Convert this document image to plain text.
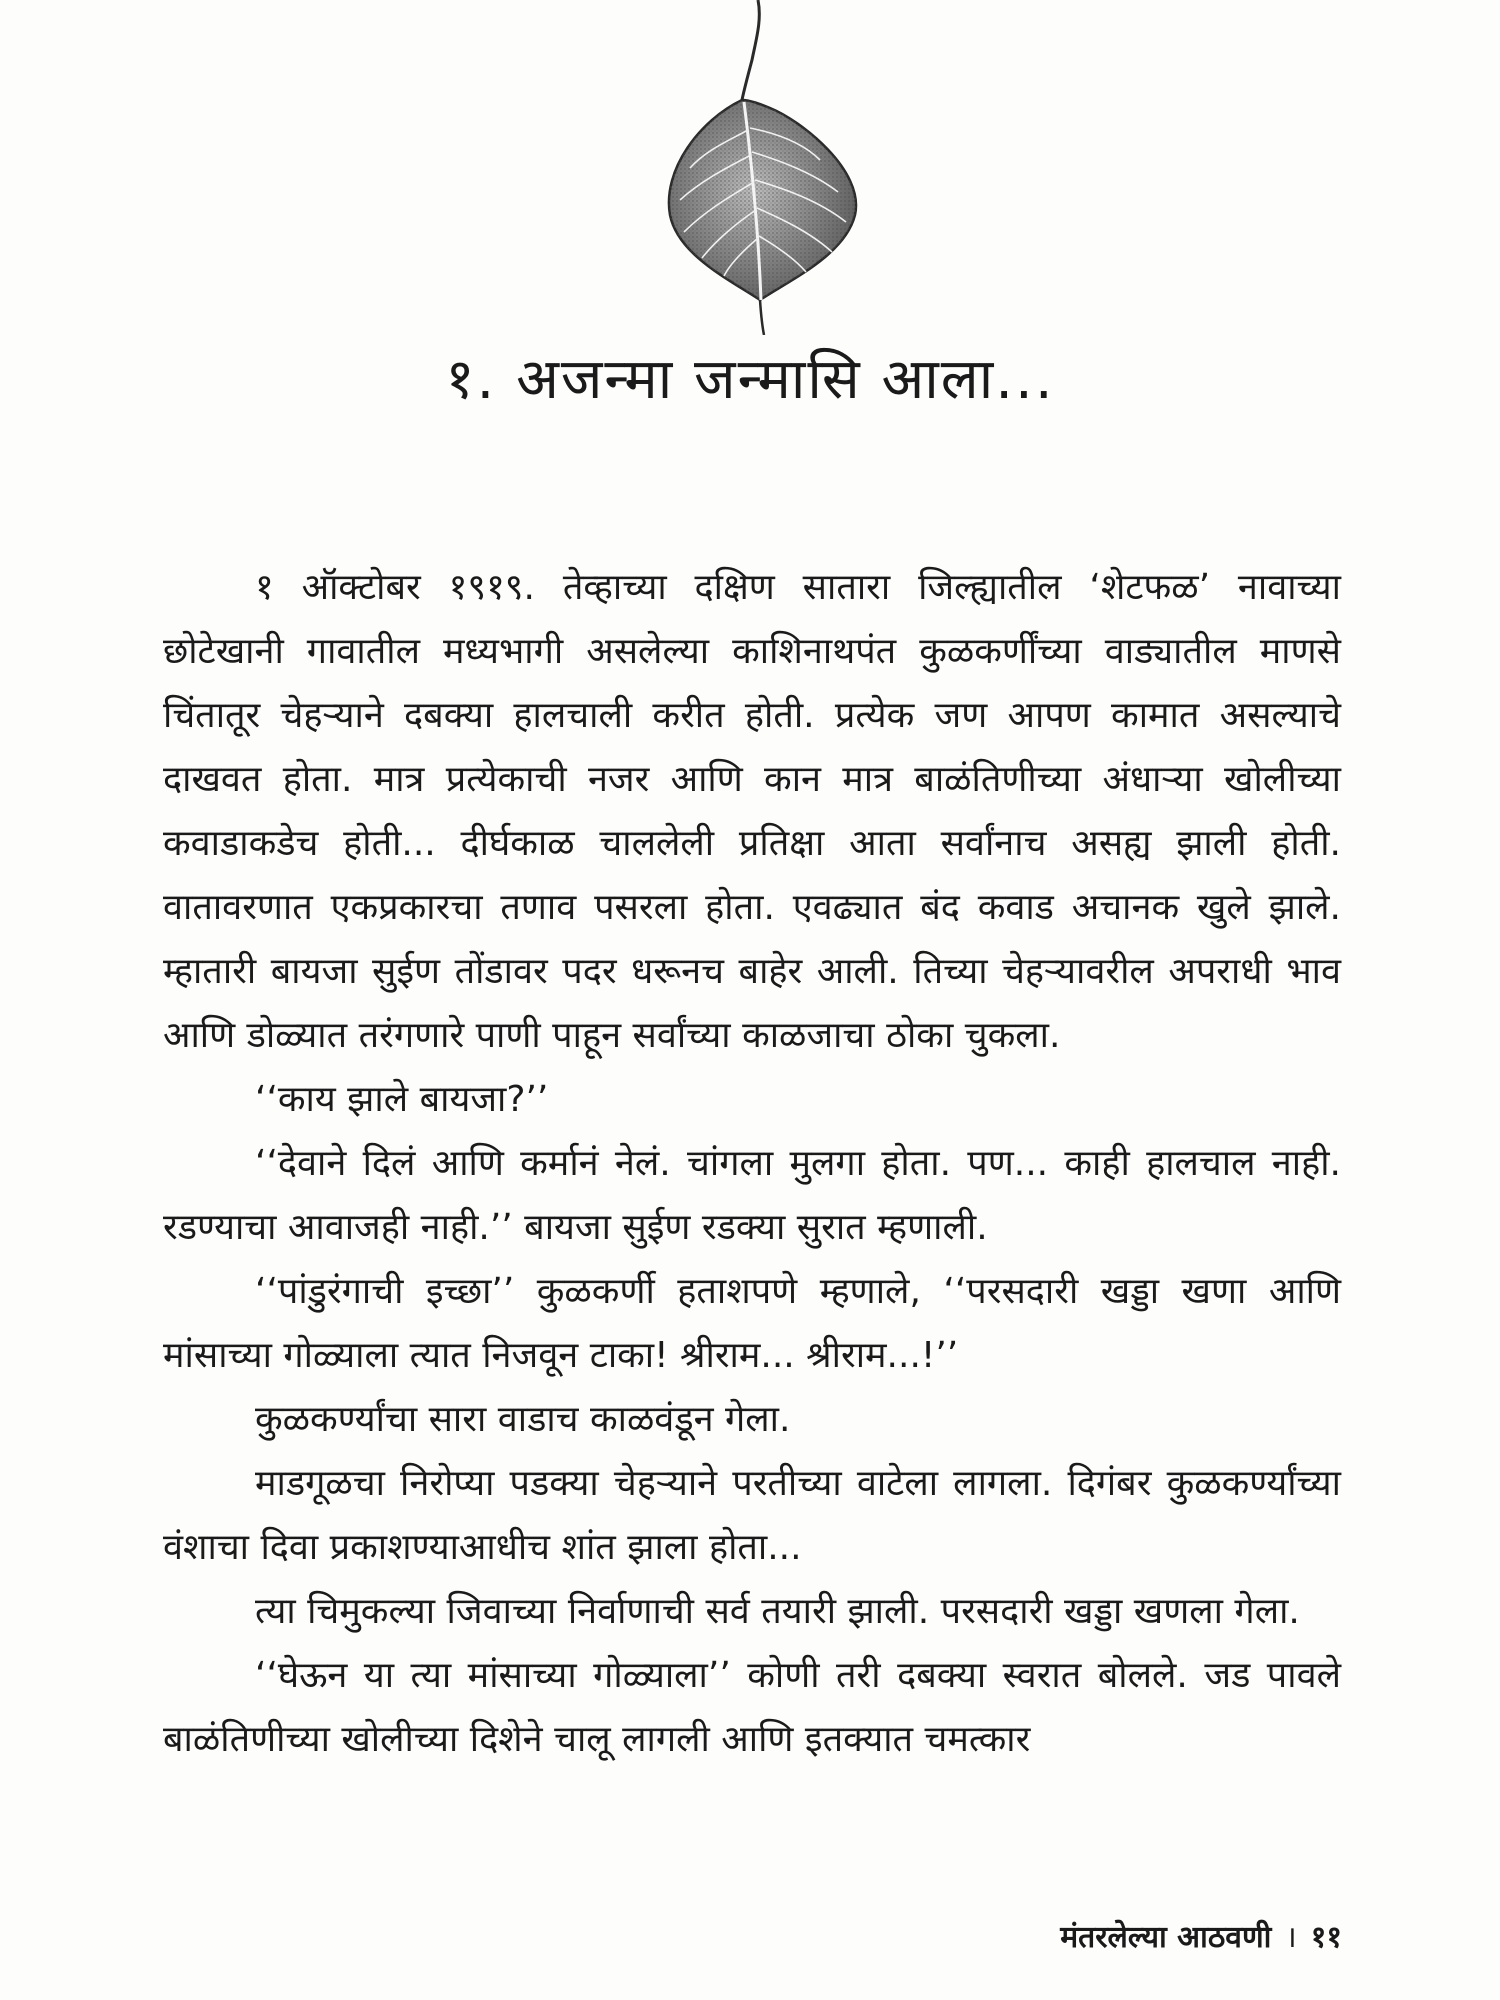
१. अजन्मा जन्मासि आला...

१ ऑक्टोबर १९१९. तेव्हाच्या दक्षिण सातारा जिल्ह्यातील ‘शेटफळ’ नावाच्या छोटेखानी गावातील मध्यभागी असलेल्या काशिनाथपंत कुळकर्णींच्या वाड्यातील माणसे चिंतातूर चेहऱ्याने दबक्या हालचाली करीत होती. प्रत्येक जण आपण कामात असल्याचे दाखवत होता. मात्र प्रत्येकाची नजर आणि कान मात्र बाळंतिणीच्या अंधाऱ्या खोलीच्या कवाडाकडेच होती... दीर्घकाळ चाललेली प्रतिक्षा आता सर्वांनाच असह्य झाली होती. वातावरणात एकप्रकारचा तणाव पसरला होता. एवढ्यात बंद कवाड अचानक खुले झाले. म्हातारी बायजा सुईण तोंडावर पदर धरूनच बाहेर आली. तिच्या चेहऱ्यावरील अपराधी भाव आणि डोळ्यात तरंगणारे पाणी पाहून सर्वांच्या काळजाचा ठोका चुकला.

‘‘काय झाले बायजा?’’

‘‘देवाने दिलं आणि कर्मानं नेलं. चांगला मुलगा होता. पण... काही हालचाल नाही. रडण्याचा आवाजही नाही.’’ बायजा सुईण रडक्या सुरात म्हणाली.

‘‘पांडुरंगाची इच्छा’’ कुळकर्णी हताशपणे म्हणाले, ‘‘परसदारी खड्डा खणा आणि मांसाच्या गोळ्याला त्यात निजवून टाका! श्रीराम... श्रीराम...!’’

कुळकर्ण्यांचा सारा वाडाच काळवंडून गेला.

माडगूळचा निरोप्या पडक्या चेहऱ्याने परतीच्या वाटेला लागला. दिगंबर कुळकर्ण्यांच्या वंशाचा दिवा प्रकाशण्याआधीच शांत झाला होता...

त्या चिमुकल्या जिवाच्या निर्वाणाची सर्व तयारी झाली. परसदारी खड्डा खणला गेला.

‘‘घेऊन या त्या मांसाच्या गोळ्याला’’ कोणी तरी दबक्या स्वरात बोलले. जड पावले बाळंतिणीच्या खोलीच्या दिशेने चालू लागली आणि इतक्यात चमत्कार

मंतरलेल्या आठवणी । ११
